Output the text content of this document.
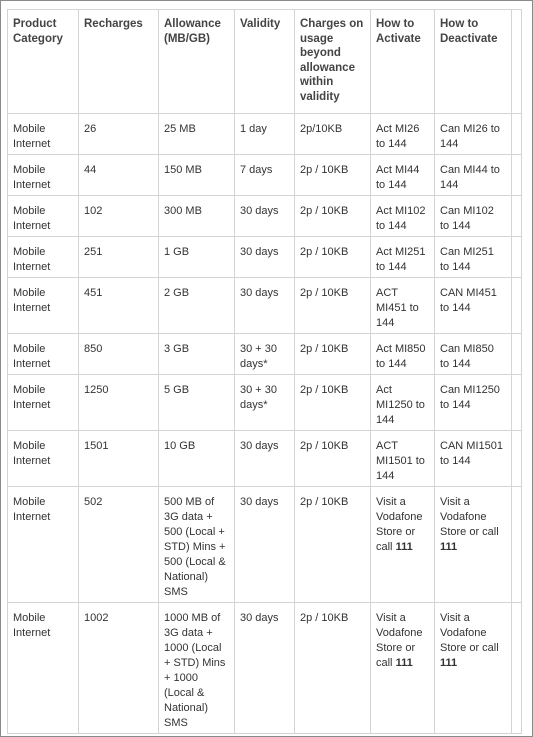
Product Category	Recharges	Allowance (MB/GB)	Validity	Charges on usage beyond allowance within validity	How to Activate	How to Deactivate	
Mobile Internet	26	25 MB	1 day	2p/10KB	Act MI26 to 144	Can MI26 to 144	
Mobile Internet	44	150 MB	7 days	2p / 10KB	Act MI44 to 144	Can MI44 to 144	
Mobile Internet	102	300 MB	30 days	2p / 10KB	Act MI102 to 144	Can MI102 to 144	
Mobile Internet	251	1 GB	30 days	2p / 10KB	Act MI251 to 144	Can MI251 to 144	
Mobile Internet	451	2 GB	30 days	2p / 10KB	ACT MI451 to 144	CAN MI451 to 144	
Mobile Internet	850	3 GB	30 + 30 days*	2p / 10KB	Act MI850 to 144	Can MI850 to 144	
Mobile Internet	1250	5 GB	30 + 30 days*	2p / 10KB	Act MI1250 to 144	Can MI1250 to 144	
Mobile Internet	1501	10 GB	30 days	2p / 10KB	ACT MI1501 to 144	CAN MI1501 to 144	
Mobile Internet	502	500 MB of 3G data + 500 (Local + STD) Mins + 500 (Local & National) SMS	30 days	2p / 10KB	Visit a Vodafone Store or call 111	Visit a Vodafone Store or call 111	
Mobile Internet	1002	1000 MB of 3G data + 1000 (Local + STD) Mins + 1000 (Local & National) SMS	30 days	2p / 10KB	Visit a Vodafone Store or call 111	Visit a Vodafone Store or call 111	
